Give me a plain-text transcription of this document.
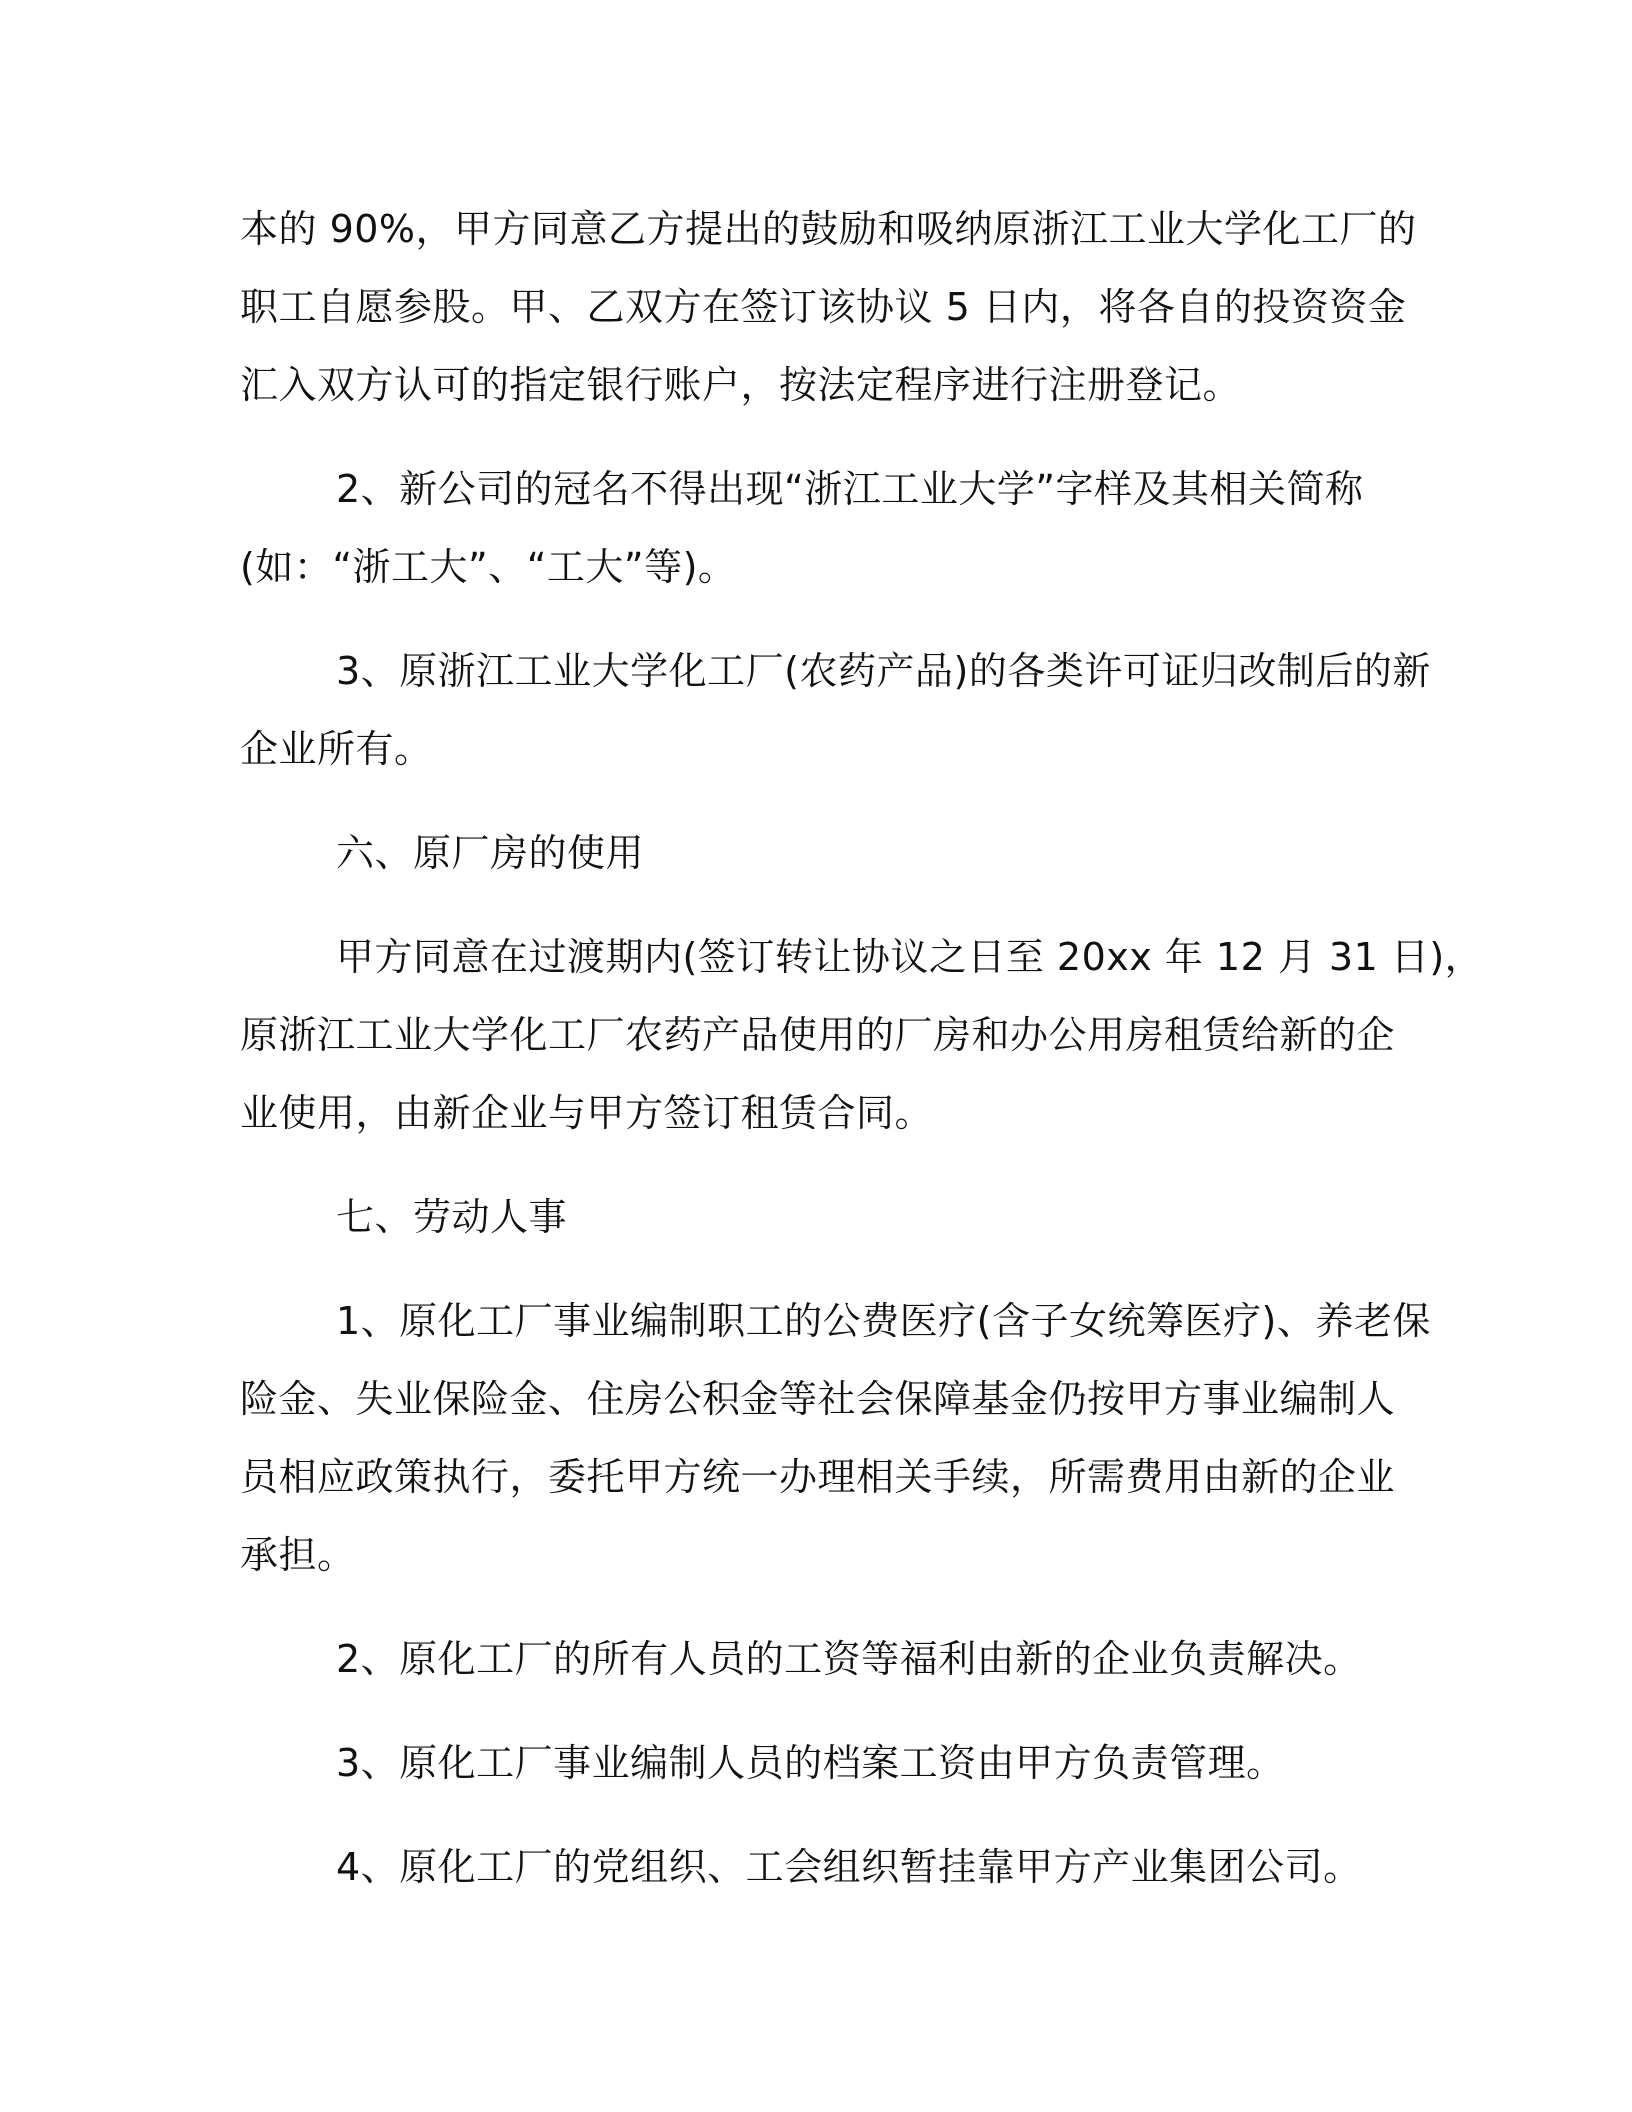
本的 90%，甲方同意乙方提出的鼓励和吸纳原浙江工业大学化工厂的
职工自愿参股。甲、乙双方在签订该协议 5 日内，将各自的投资资金
汇入双方认可的指定银行账户，按法定程序进行注册登记。

2、新公司的冠名不得出现“浙江工业大学”字样及其相关简称
(如：“浙工大”、“工大”等)。

3、原浙江工业大学化工厂(农药产品)的各类许可证归改制后的新
企业所有。

六、原厂房的使用

甲方同意在过渡期内(签订转让协议之日至 20xx 年 12 月 31 日)，
原浙江工业大学化工厂农药产品使用的厂房和办公用房租赁给新的企
业使用，由新企业与甲方签订租赁合同。

七、劳动人事

1、原化工厂事业编制职工的公费医疗(含子女统筹医疗)、养老保
险金、失业保险金、住房公积金等社会保障基金仍按甲方事业编制人
员相应政策执行，委托甲方统一办理相关手续，所需费用由新的企业
承担。

2、原化工厂的所有人员的工资等福利由新的企业负责解决。

3、原化工厂事业编制人员的档案工资由甲方负责管理。

4、原化工厂的党组织、工会组织暂挂靠甲方产业集团公司。
